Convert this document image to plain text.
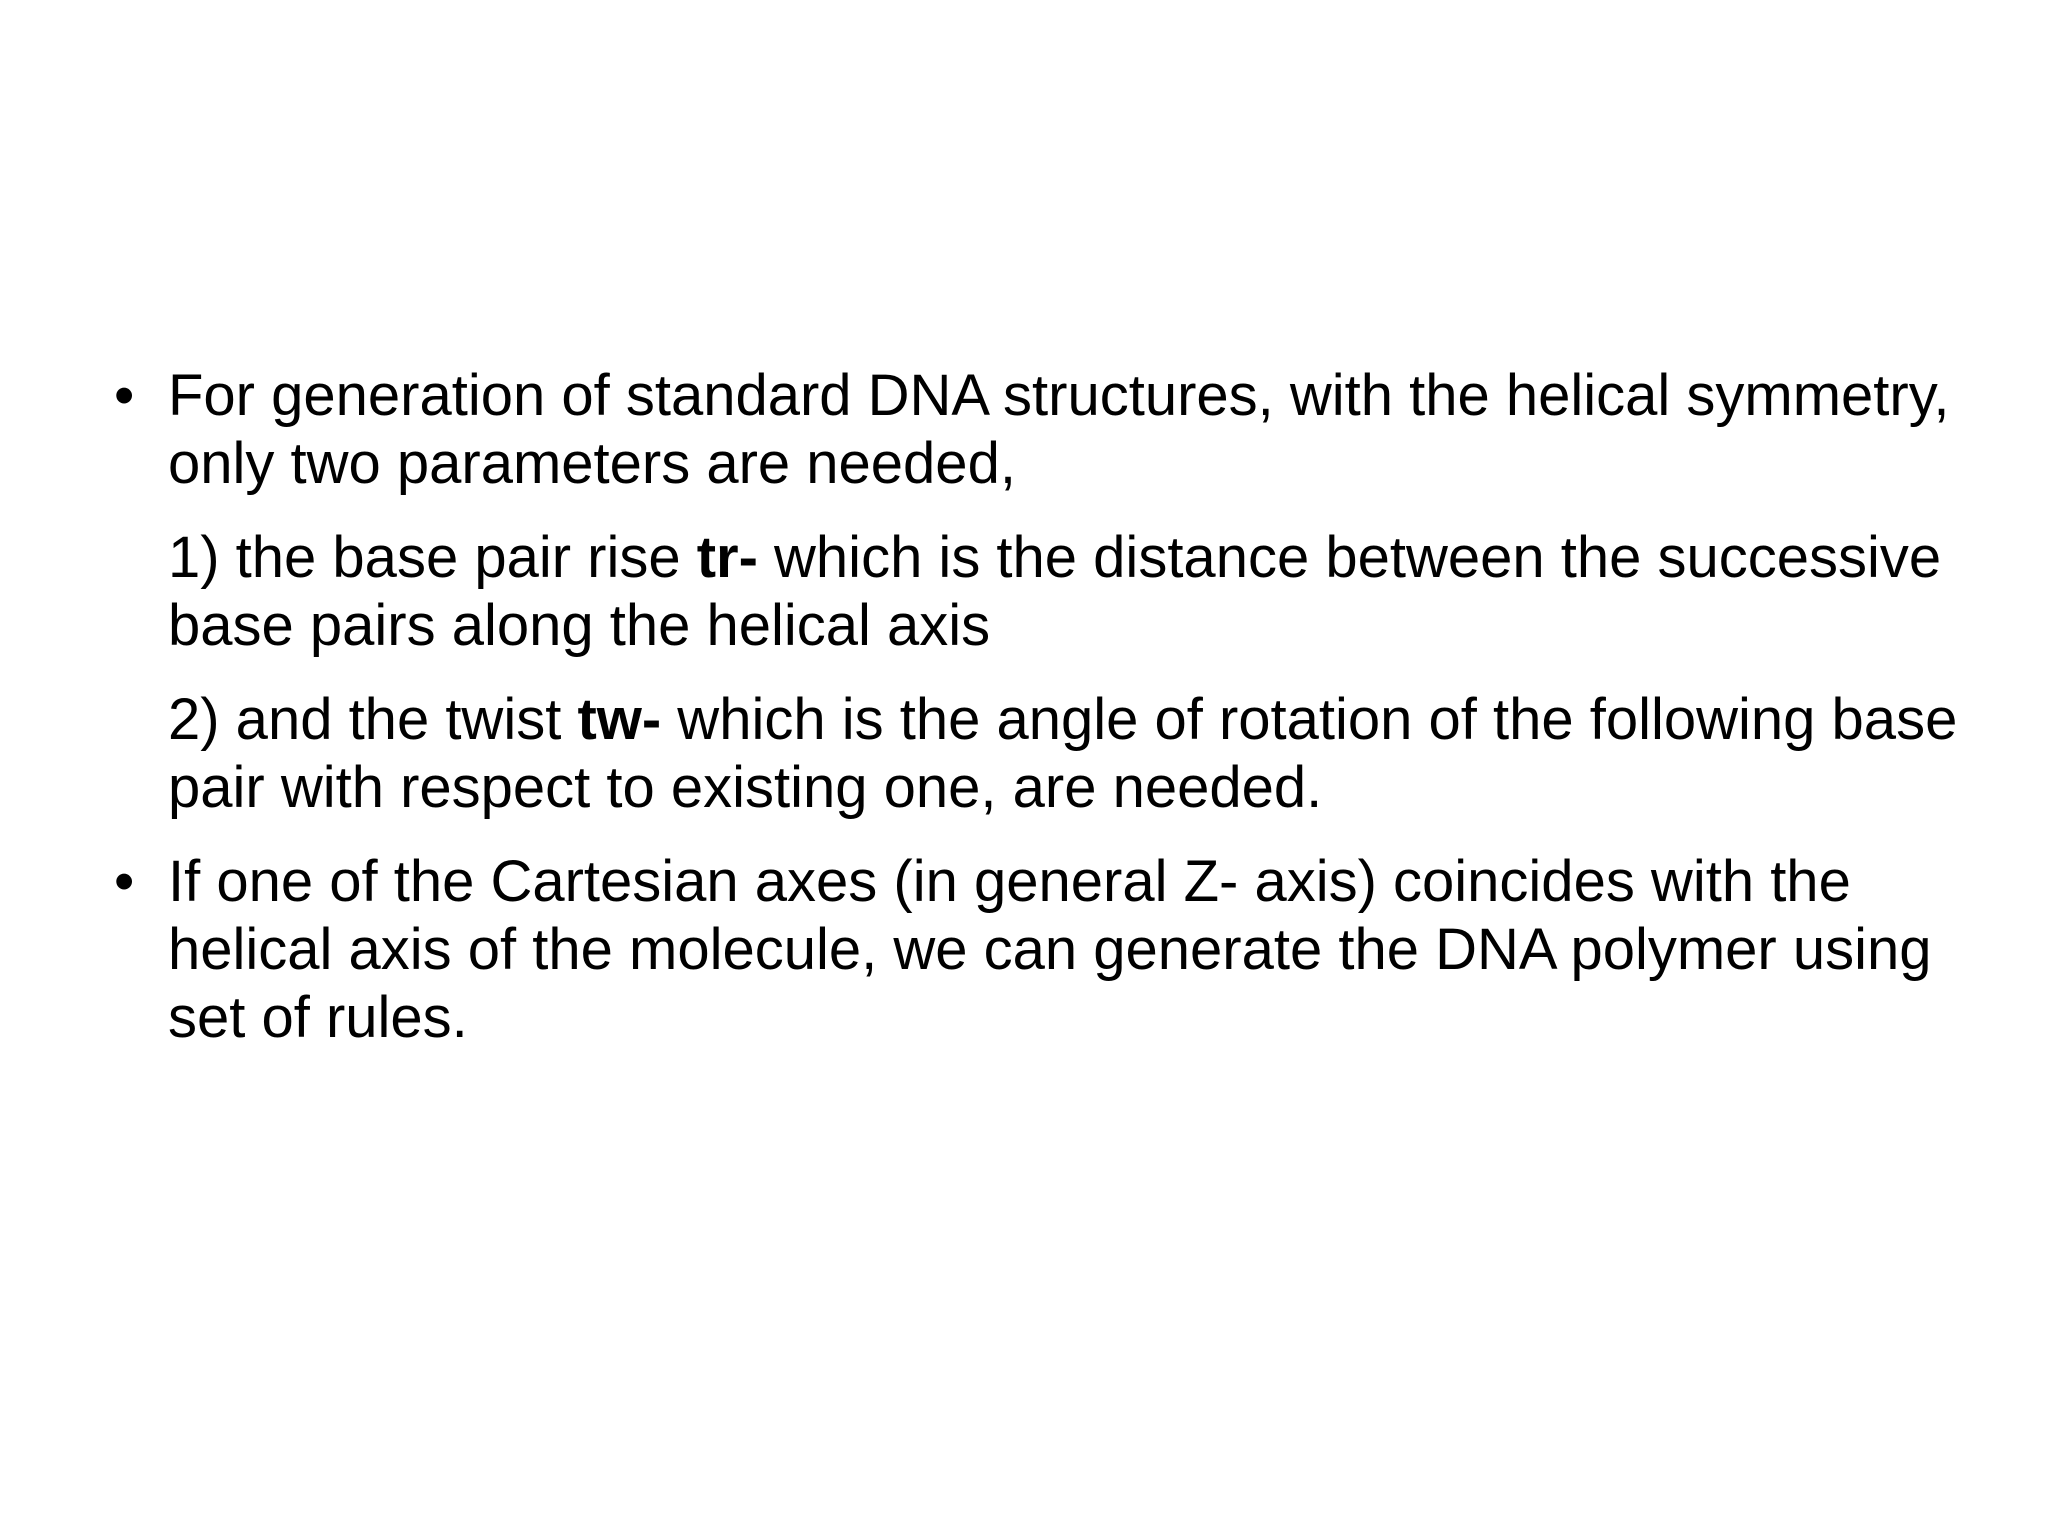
• For generation of standard DNA structures, with the helical symmetry, only two parameters are needed,

1) the base pair rise tr- which is the distance between the successive base pairs along the helical axis

2) and the twist tw- which is the angle of rotation of the following base pair with respect to existing one, are needed.

• If one of the Cartesian axes (in general Z- axis) coincides with the helical axis of the molecule, we can generate the DNA polymer using set of rules.
